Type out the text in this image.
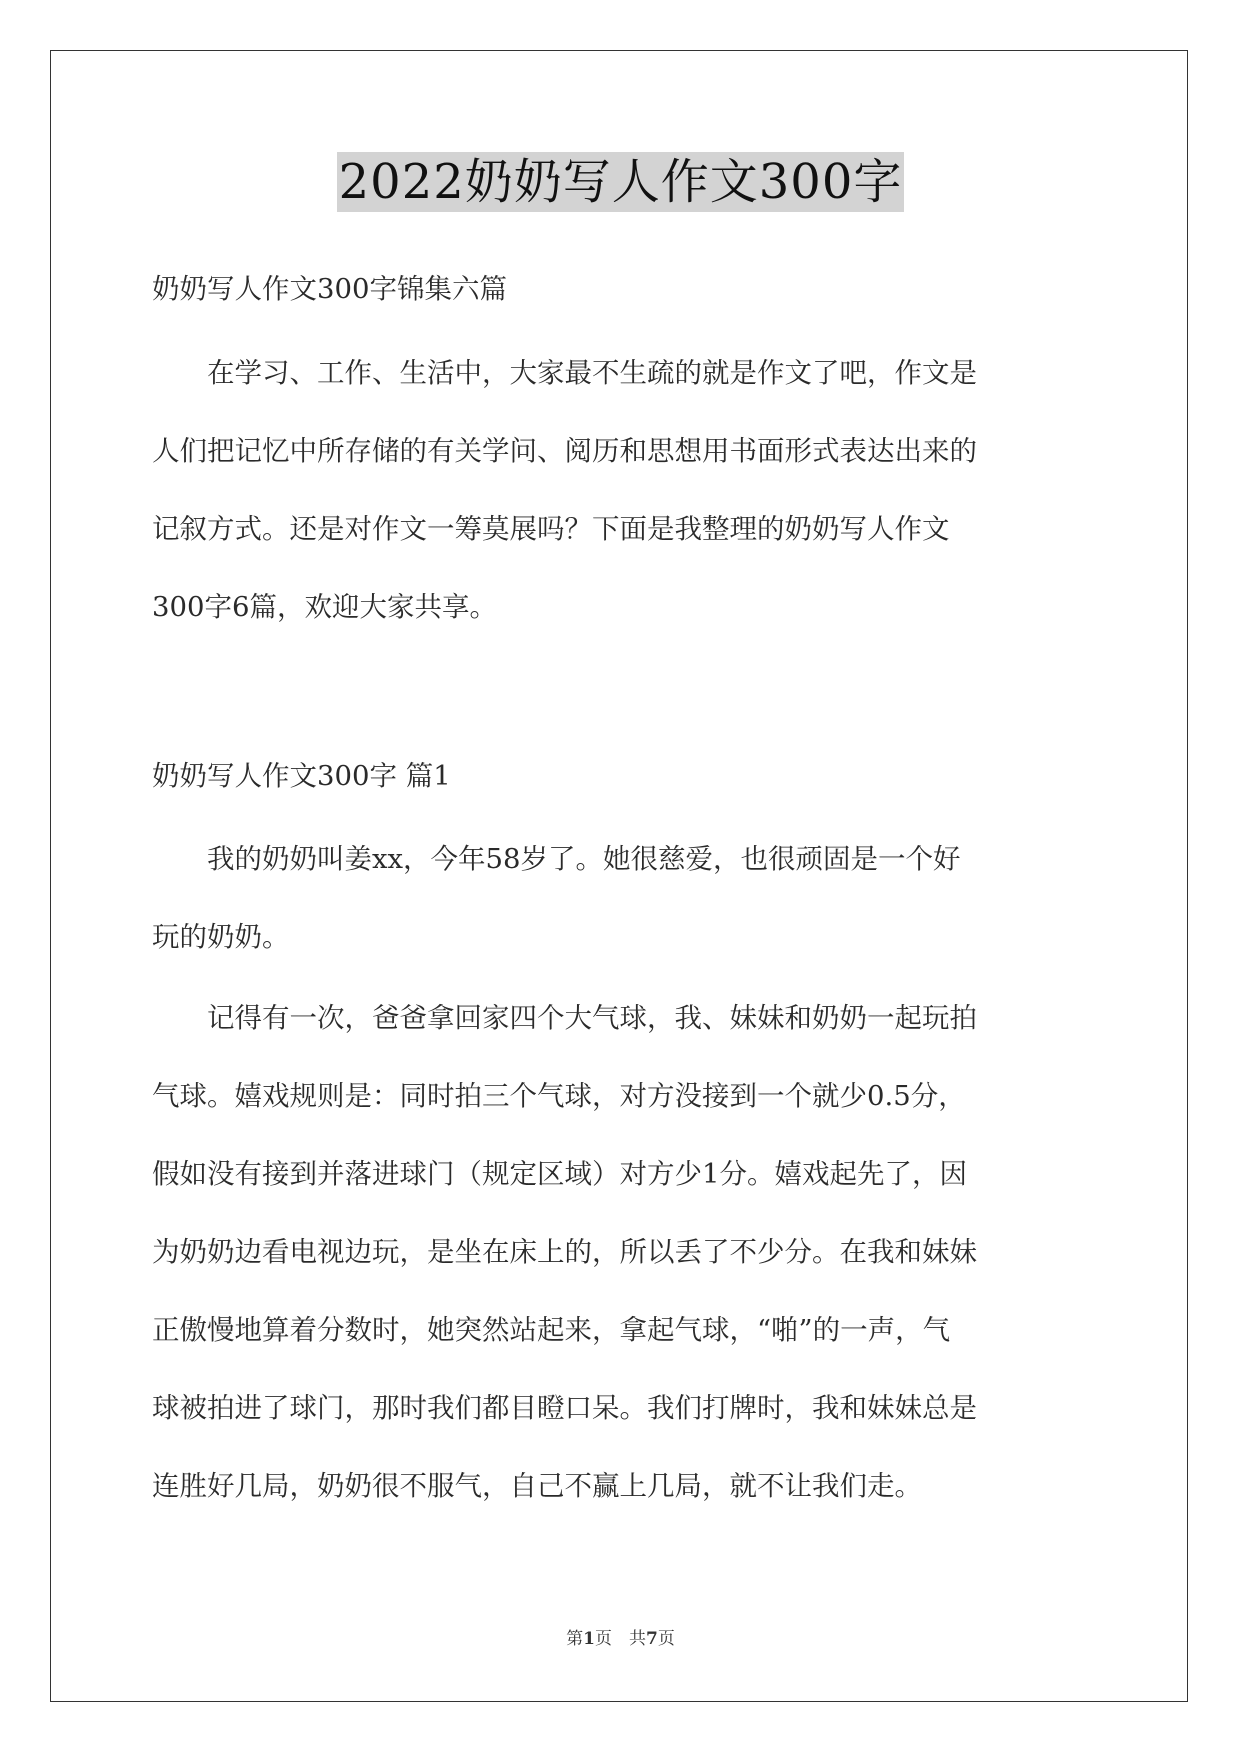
2022奶奶写人作文300字
奶奶写人作文300字锦集六篇
　　在学习、工作、生活中，大家最不生疏的就是作文了吧，作文是
人们把记忆中所存储的有关学问、阅历和思想用书面形式表达出来的
记叙方式。还是对作文一筹莫展吗？下面是我整理的奶奶写人作文
300字6篇，欢迎大家共享。
奶奶写人作文300字 篇1
　　我的奶奶叫姜xx，今年58岁了。她很慈爱，也很顽固是一个好
玩的奶奶。
　　记得有一次，爸爸拿回家四个大气球，我、妹妹和奶奶一起玩拍
气球。嬉戏规则是：同时拍三个气球，对方没接到一个就少0.5分，
假如没有接到并落进球门（规定区域）对方少1分。嬉戏起先了，因
为奶奶边看电视边玩，是坐在床上的，所以丢了不少分。在我和妹妹
正傲慢地算着分数时，她突然站起来，拿起气球，“啪”的一声，气
球被拍进了球门，那时我们都目瞪口呆。我们打牌时，我和妹妹总是
连胜好几局，奶奶很不服气，自己不赢上几局，就不让我们走。
第1页　共7页
